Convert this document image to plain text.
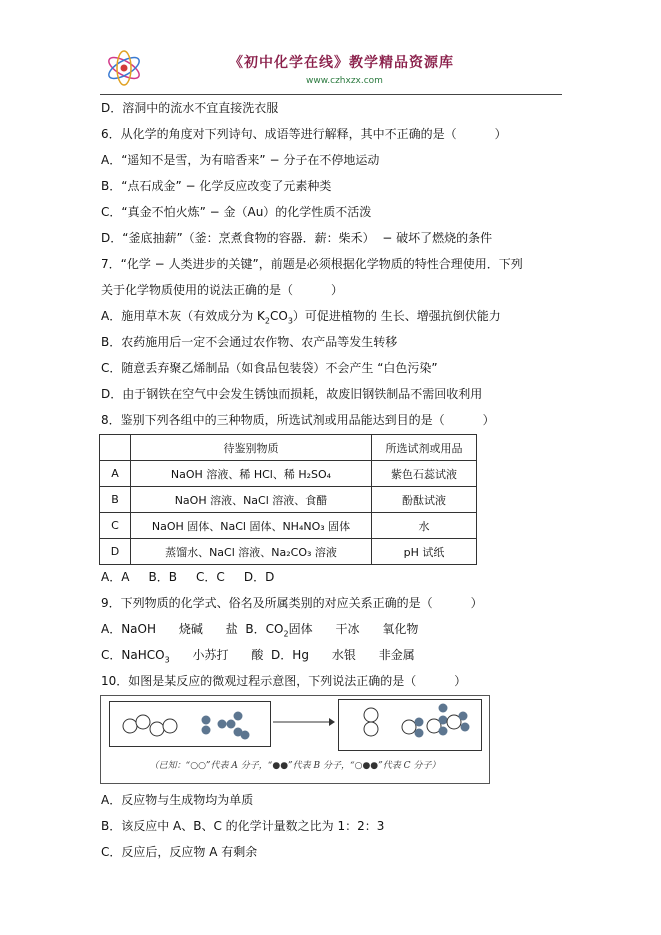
《初中化学在线》教学精品资源库
www.czhxzx.com
D．溶洞中的流水不宜直接洗衣服
6．从化学的角度对下列诗句、成语等进行解释，其中不正确的是（	）
A．“遥知不是雪，为有暗香来” − 分子在不停地运动
B．“点石成金” − 化学反应改变了元素种类
C．“真金不怕火炼” − 金（Au）的化学性质不活泼
D．“釜底抽薪”（釜：烹煮食物的容器．薪：柴禾）  − 破坏了燃烧的条件
7．“化学 − 人类进步的关键”，前题是必须根据化学物质的特性合理使用．下列
关于化学物质使用的说法正确的是（	）
A．施用草木灰（有效成分为 $K_2CO_3$）可促进植物的 生长、增强抗倒伏能力
B．农药施用后一定不会通过农作物、农产品等发生转移
C．随意丢弃聚乙烯制品（如食品包装袋）不会产生 “白色污染”
D．由于钢铁在空气中会发生锈蚀而损耗，故废旧钢铁制品不需回收利用
8．鉴别下列各组中的三种物质，所选试剂或用品能达到目的是（	）
	待鉴别物质	所选试剂或用品
A	NaOH 溶液、稀 HCl、稀 H₂SO₄	紫色石蕊试液
B	NaOH 溶液、NaCl 溶液、食醋	酚酞试液
C	NaOH 固体、NaCl 固体、NH₄NO₃ 固体	水
D	蒸馏水、NaCl 溶液、Na₂CO₃ 溶液	pH 试纸
A．A     B．B     C．C     D．D
9．下列物质的化学式、俗名及所属类别的对应关系正确的是（	）
A．NaOH      烧碱      盐  B．$CO_2$固体      干冰      氧化物
C．NaHCO$_3$      小苏打      酸  D．Hg      水银      非金属
10．如图是某反应的微观过程示意图，下列说法正确的是（	）
（已知：“○○”代表 A 分子，“●●”代表 B 分子，“○●●”代表 C 分子）
A．反应物与生成物均为单质
B．该反应中 A、B、C 的化学计量数之比为 1：2：3
C．反应后，反应物 A 有剩余
